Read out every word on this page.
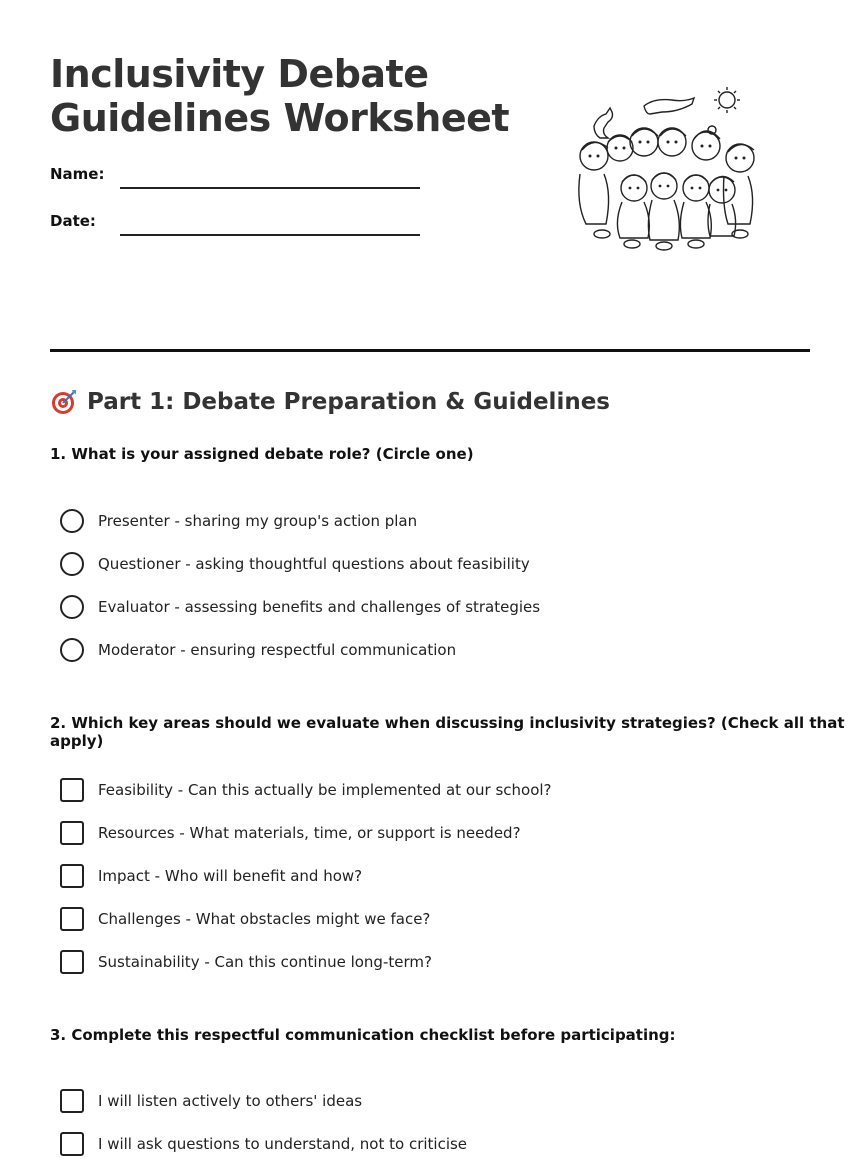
Inclusivity Debate
Guidelines Worksheet
Name:
Date:
Part 1: Debate Preparation & Guidelines

1. What is your assigned debate role? (Circle one)

Presenter - sharing my group's action plan
Questioner - asking thoughtful questions about feasibility
Evaluator - assessing benefits and challenges of strategies
Moderator - ensuring respectful communication

2. Which key areas should we evaluate when discussing inclusivity strategies? (Check all that apply)

Feasibility - Can this actually be implemented at our school?
Resources - What materials, time, or support is needed?
Impact - Who will benefit and how?
Challenges - What obstacles might we face?
Sustainability - Can this continue long-term?

3. Complete this respectful communication checklist before participating:

I will listen actively to others' ideas
I will ask questions to understand, not to criticise
